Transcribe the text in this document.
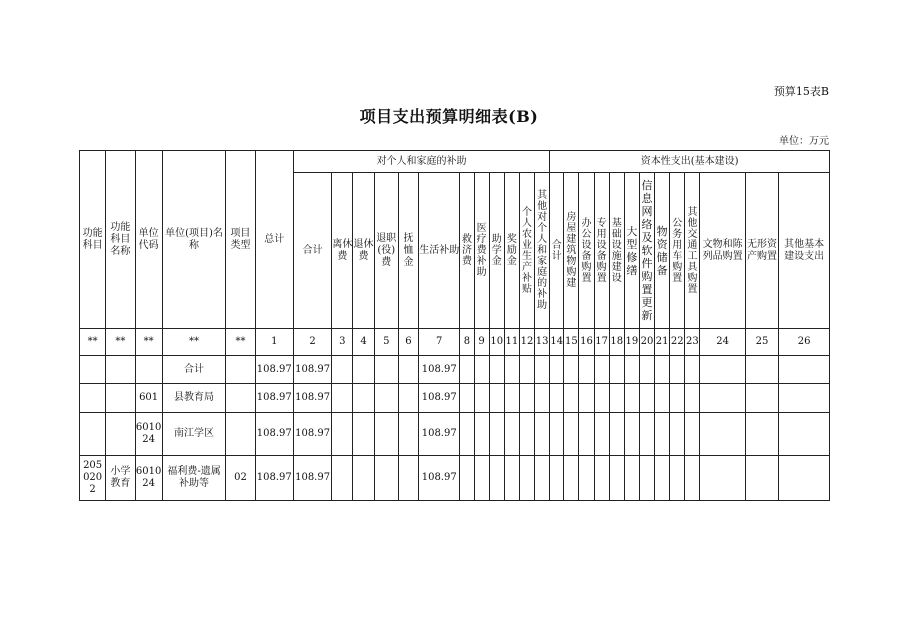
预算15表B
项目支出预算明细表(B)
单位：万元
功能科目	功能科目名称	单位代码	单位(项目)名称	项目类型	总计	对个人和家庭的补助												资本性支出(基本建设)												
						合计	离休费	退休费	退职(役)费	抚恤金	生活补助	救济费	医疗费补助	助学金	奖励金	个人农业生产补贴	其他对个人和家庭的补助	合计	房屋建筑物购建	办公设备购置	专用设备购置	基础设施建设	大型修缮	信息网络及软件购置更新	物资储备	公务用车购置	其他交通工具购置	文物和陈列品购置	无形资产购置	其他基本建设支出
**	**	**	**	**	1	2	3	4	5	6	7	8	9	10	11	12	13	14	15	16	17	18	19	20	21	22	23	24	25	26
			合计		108.97	108.97					108.97																			
		601	县教育局		108.97	108.97					108.97																			
		601024	南江学区		108.97	108.97					108.97																			
2050202	小学教育	601024	福利费-遗属补助等	02	108.97	108.97					108.97																			
